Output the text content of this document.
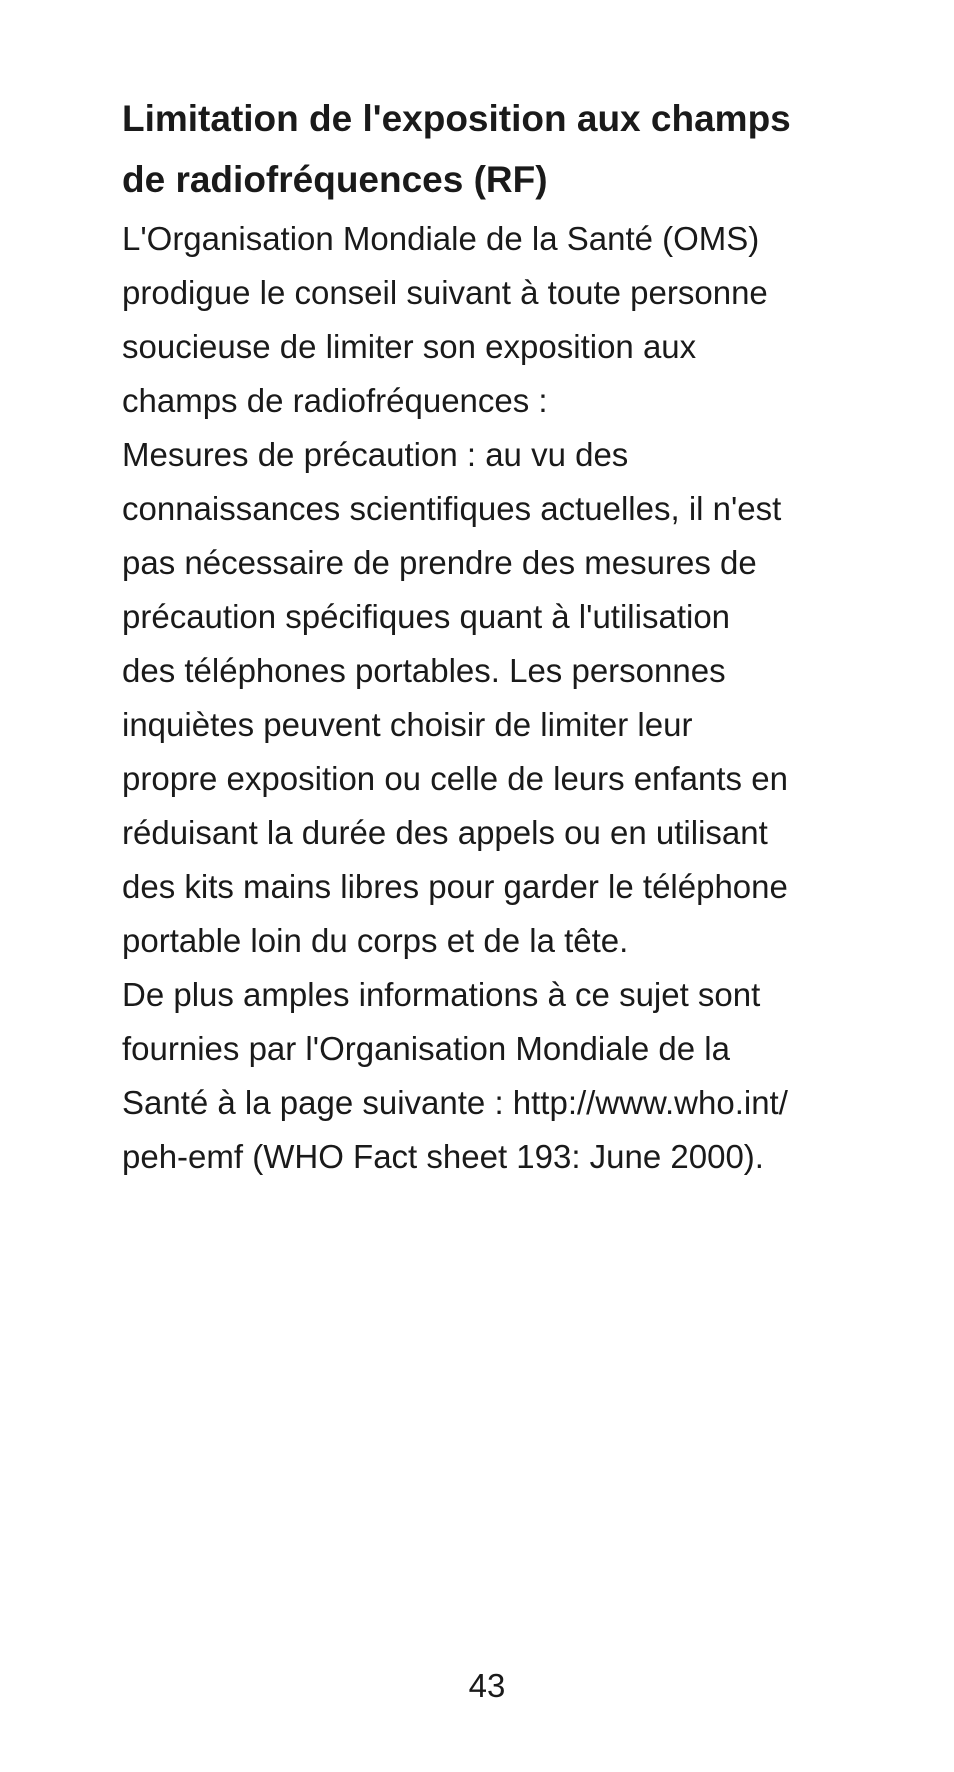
Limitation de l'exposition aux champs
de radiofréquences (RF)

L'Organisation Mondiale de la Santé (OMS)
prodigue le conseil suivant à toute personne
soucieuse de limiter son exposition aux
champs de radiofréquences :

Mesures de précaution : au vu des
connaissances scientifiques actuelles, il n'est
pas nécessaire de prendre des mesures de
précaution spécifiques quant à l'utilisation
des téléphones portables. Les personnes
inquiètes peuvent choisir de limiter leur
propre exposition ou celle de leurs enfants en
réduisant la durée des appels ou en utilisant
des kits mains libres pour garder le téléphone
portable loin du corps et de la tête.

De plus amples informations à ce sujet sont
fournies par l'Organisation Mondiale de la
Santé à la page suivante : http://www.who.int/
peh-emf (WHO Fact sheet 193: June 2000).

43
